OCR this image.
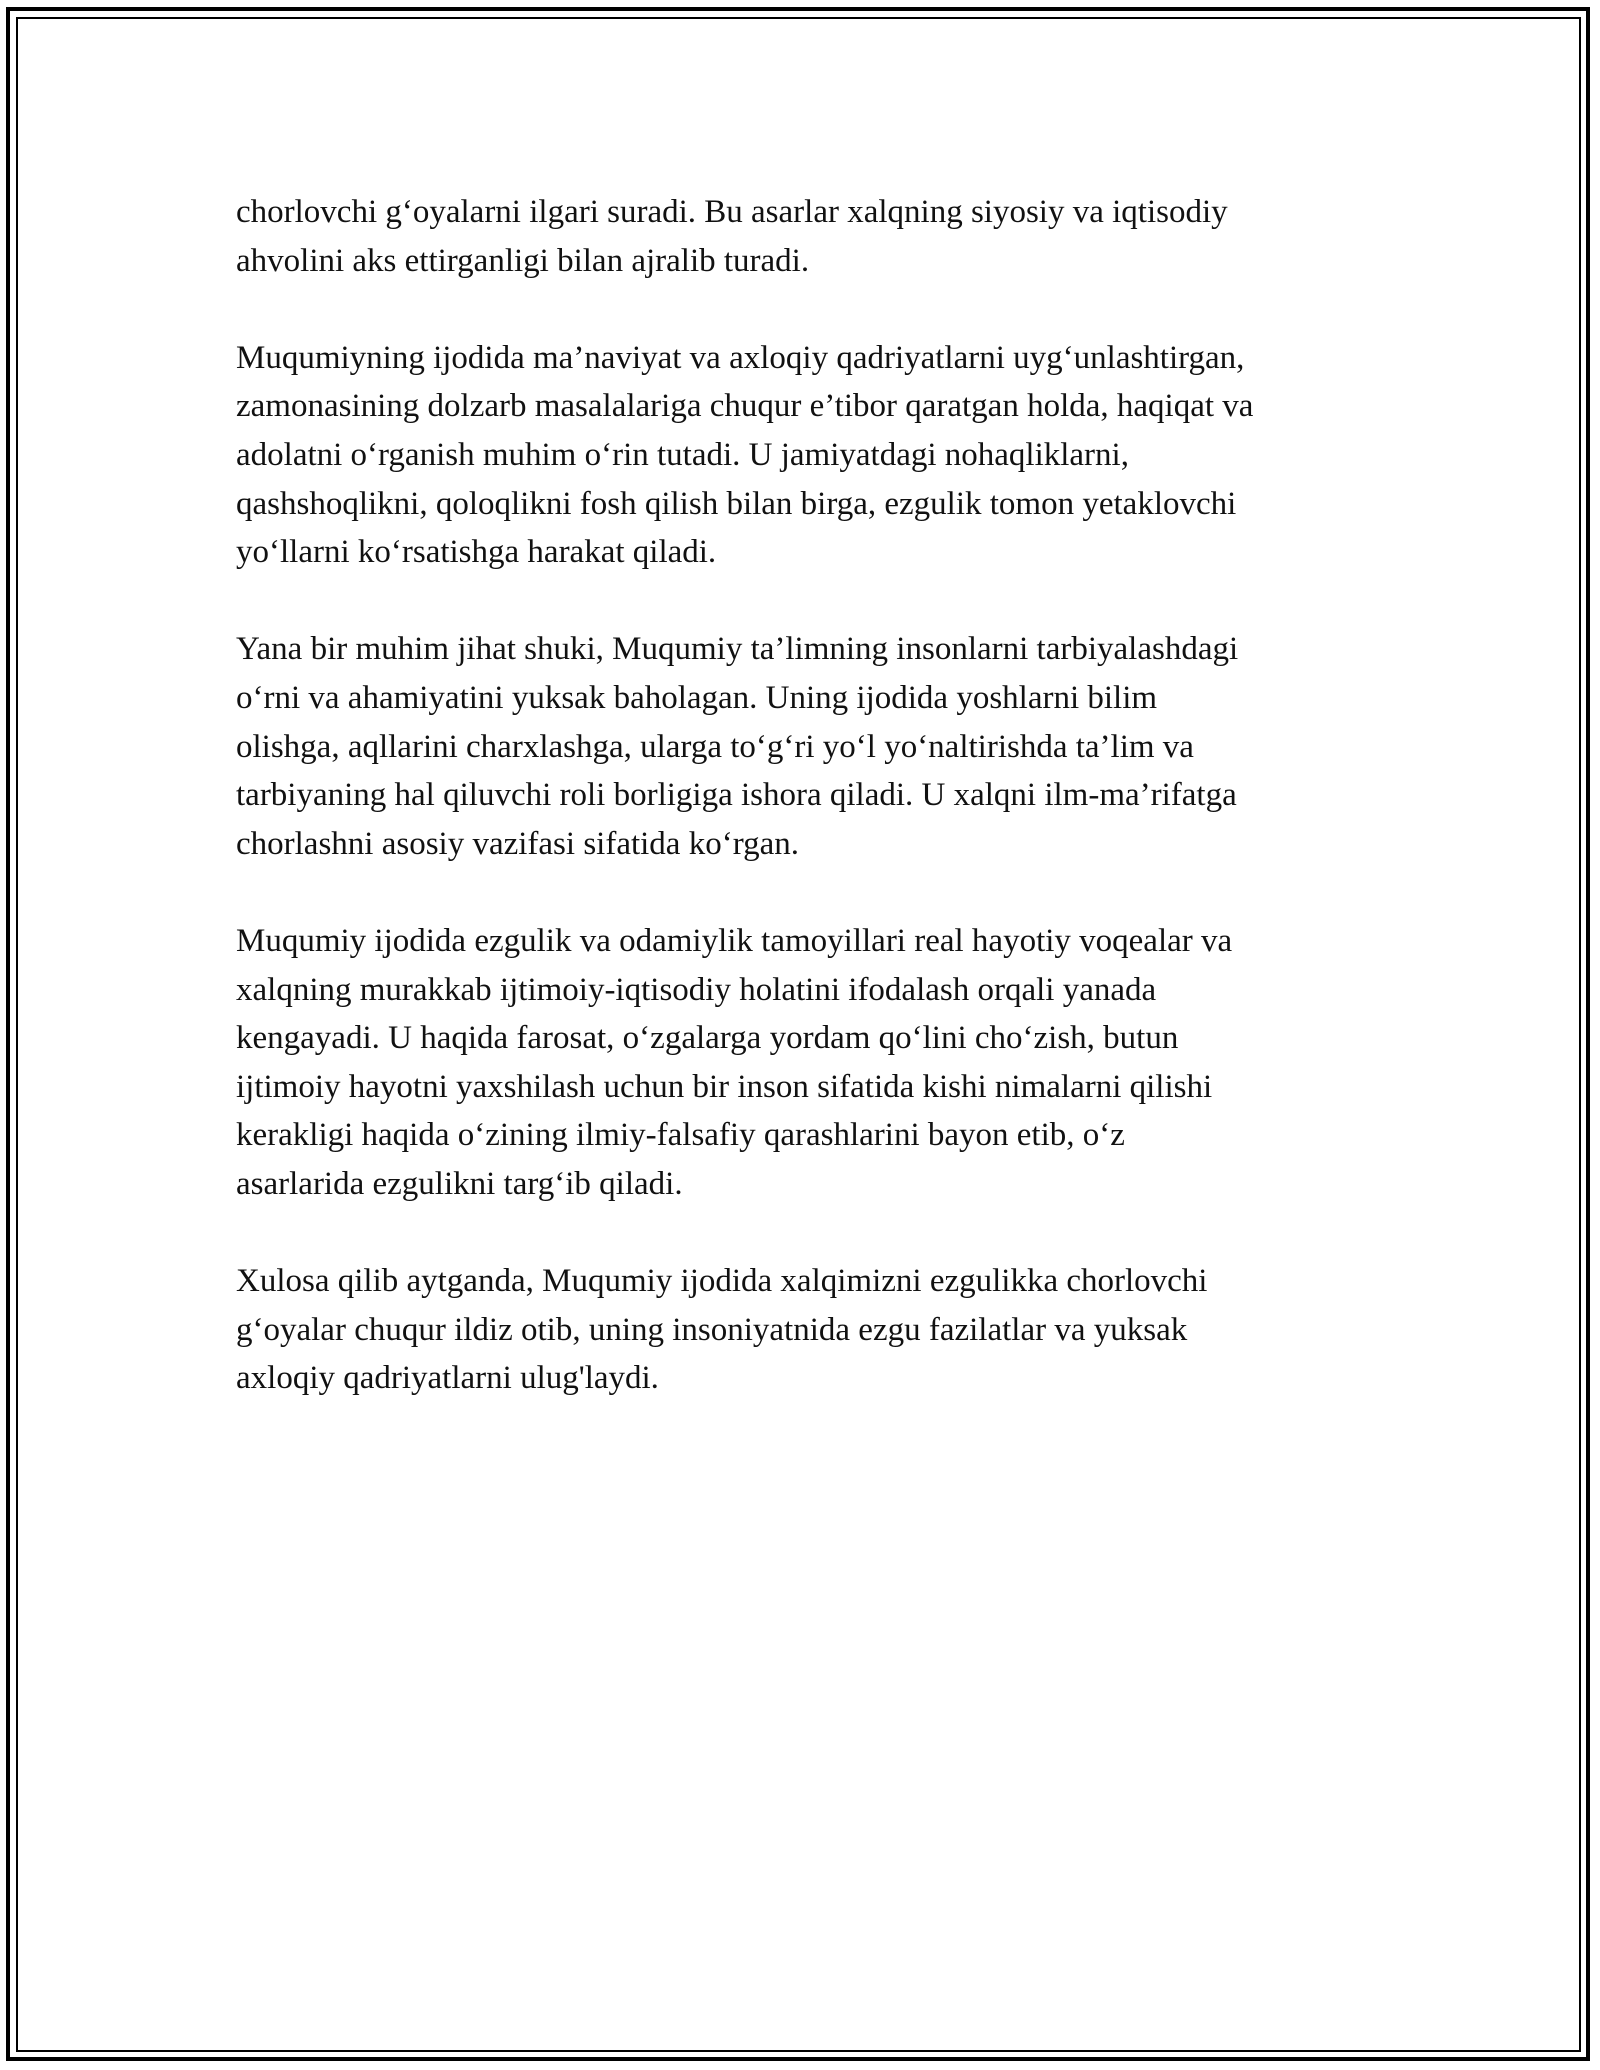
chorlovchi g‘oyalarni ilgari suradi. Bu asarlar xalqning siyosiy va iqtisodiy
ahvolini aks ettirganligi bilan ajralib turadi.

Muqumiyning ijodida ma’naviyat va axloqiy qadriyatlarni uyg‘unlashtirgan,
zamonasining dolzarb masalalariga chuqur e’tibor qaratgan holda, haqiqat va
adolatni o‘rganish muhim o‘rin tutadi. U jamiyatdagi nohaqliklarni,
qashshoqlikni, qoloqlikni fosh qilish bilan birga, ezgulik tomon yetaklovchi
yo‘llarni ko‘rsatishga harakat qiladi.

Yana bir muhim jihat shuki, Muqumiy ta’limning insonlarni tarbiyalashdagi
o‘rni va ahamiyatini yuksak baholagan. Uning ijodida yoshlarni bilim
olishga, aqllarini charxlashga, ularga to‘g‘ri yo‘l yo‘naltirishda ta’lim va
tarbiyaning hal qiluvchi roli borligiga ishora qiladi. U xalqni ilm-ma’rifatga
chorlashni asosiy vazifasi sifatida ko‘rgan.

Muqumiy ijodida ezgulik va odamiylik tamoyillari real hayotiy voqealar va
xalqning murakkab ijtimoiy-iqtisodiy holatini ifodalash orqali yanada
kengayadi. U haqida farosat, o‘zgalarga yordam qo‘lini cho‘zish, butun
ijtimoiy hayotni yaxshilash uchun bir inson sifatida kishi nimalarni qilishi
kerakligi haqida o‘zining ilmiy-falsafiy qarashlarini bayon etib, o‘z
asarlarida ezgulikni targ‘ib qiladi.

Xulosa qilib aytganda, Muqumiy ijodida xalqimizni ezgulikka chorlovchi
g‘oyalar chuqur ildiz otib, uning insoniyatnida ezgu fazilatlar va yuksak
axloqiy qadriyatlarni ulug'laydi.
